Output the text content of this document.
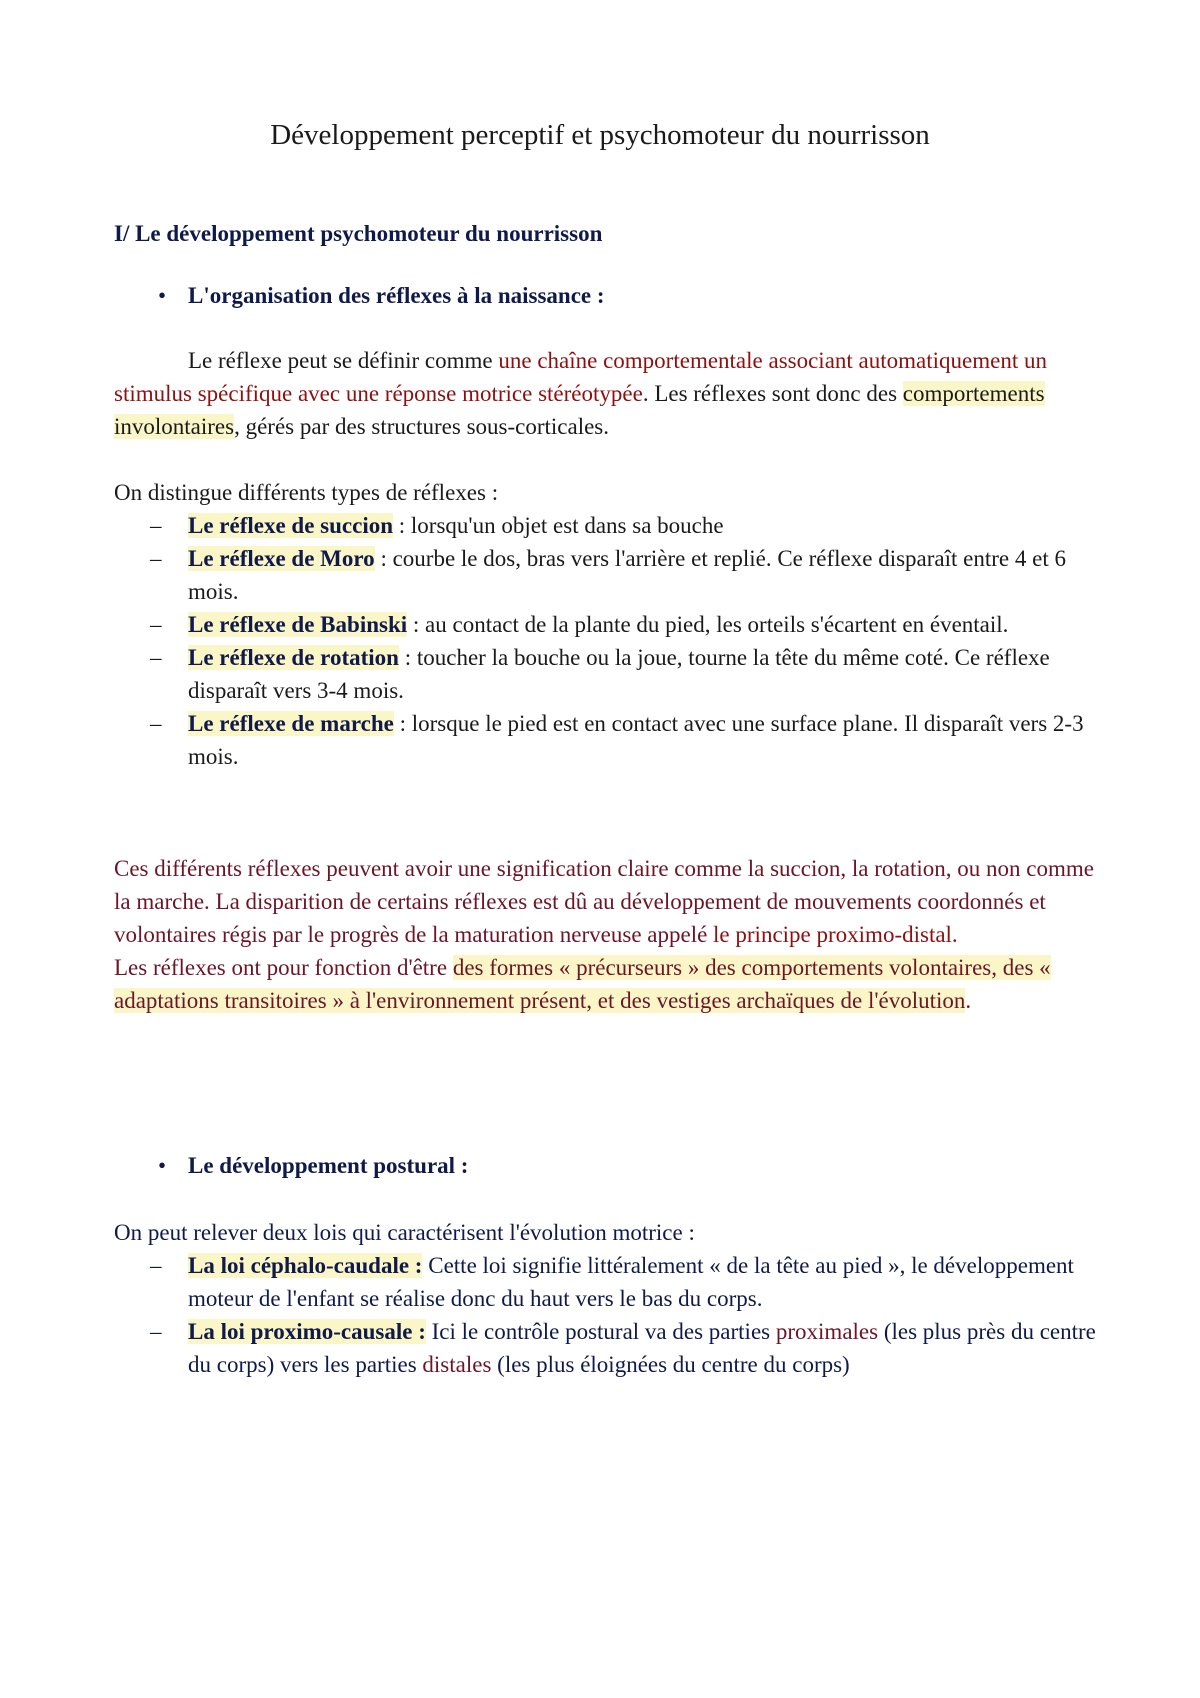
Développement perceptif et psychomoteur du nourrisson
I/ Le développement psychomoteur du nourrisson
• L'organisation des réflexes à la naissance :
Le réflexe peut se définir comme une chaîne comportementale associant automatiquement un stimulus spécifique avec une réponse motrice stéréotypée. Les réflexes sont donc des comportements involontaires, gérés par des structures sous-corticales.
On distingue différents types de réflexes :
– Le réflexe de succion : lorsqu'un objet est dans sa bouche
– Le réflexe de Moro : courbe le dos, bras vers l'arrière et replié. Ce réflexe disparaît entre 4 et 6 mois.
– Le réflexe de Babinski : au contact de la plante du pied, les orteils s'écartent en éventail.
– Le réflexe de rotation : toucher la bouche ou la joue, tourne la tête du même coté. Ce réflexe disparaît vers 3-4 mois.
– Le réflexe de marche : lorsque le pied est en contact avec une surface plane. Il disparaît vers 2-3 mois.
Ces différents réflexes peuvent avoir une signification claire comme la succion, la rotation, ou non comme la marche. La disparition de certains réflexes est dû au développement de mouvements coordonnés et volontaires régis par le progrès de la maturation nerveuse appelé le principe proximo-distal.
Les réflexes ont pour fonction d'être des formes « précurseurs » des comportements volontaires, des « adaptations transitoires » à l'environnement présent, et des vestiges archaïques de l'évolution.
• Le développement postural :
On peut relever deux lois qui caractérisent l'évolution motrice :
– La loi céphalo-caudale : Cette loi signifie littéralement « de la tête au pied », le développement moteur de l'enfant se réalise donc du haut vers le bas du corps.
– La loi proximo-causale : Ici le contrôle postural va des parties proximales (les plus près du centre du corps) vers les parties distales (les plus éloignées du centre du corps)
